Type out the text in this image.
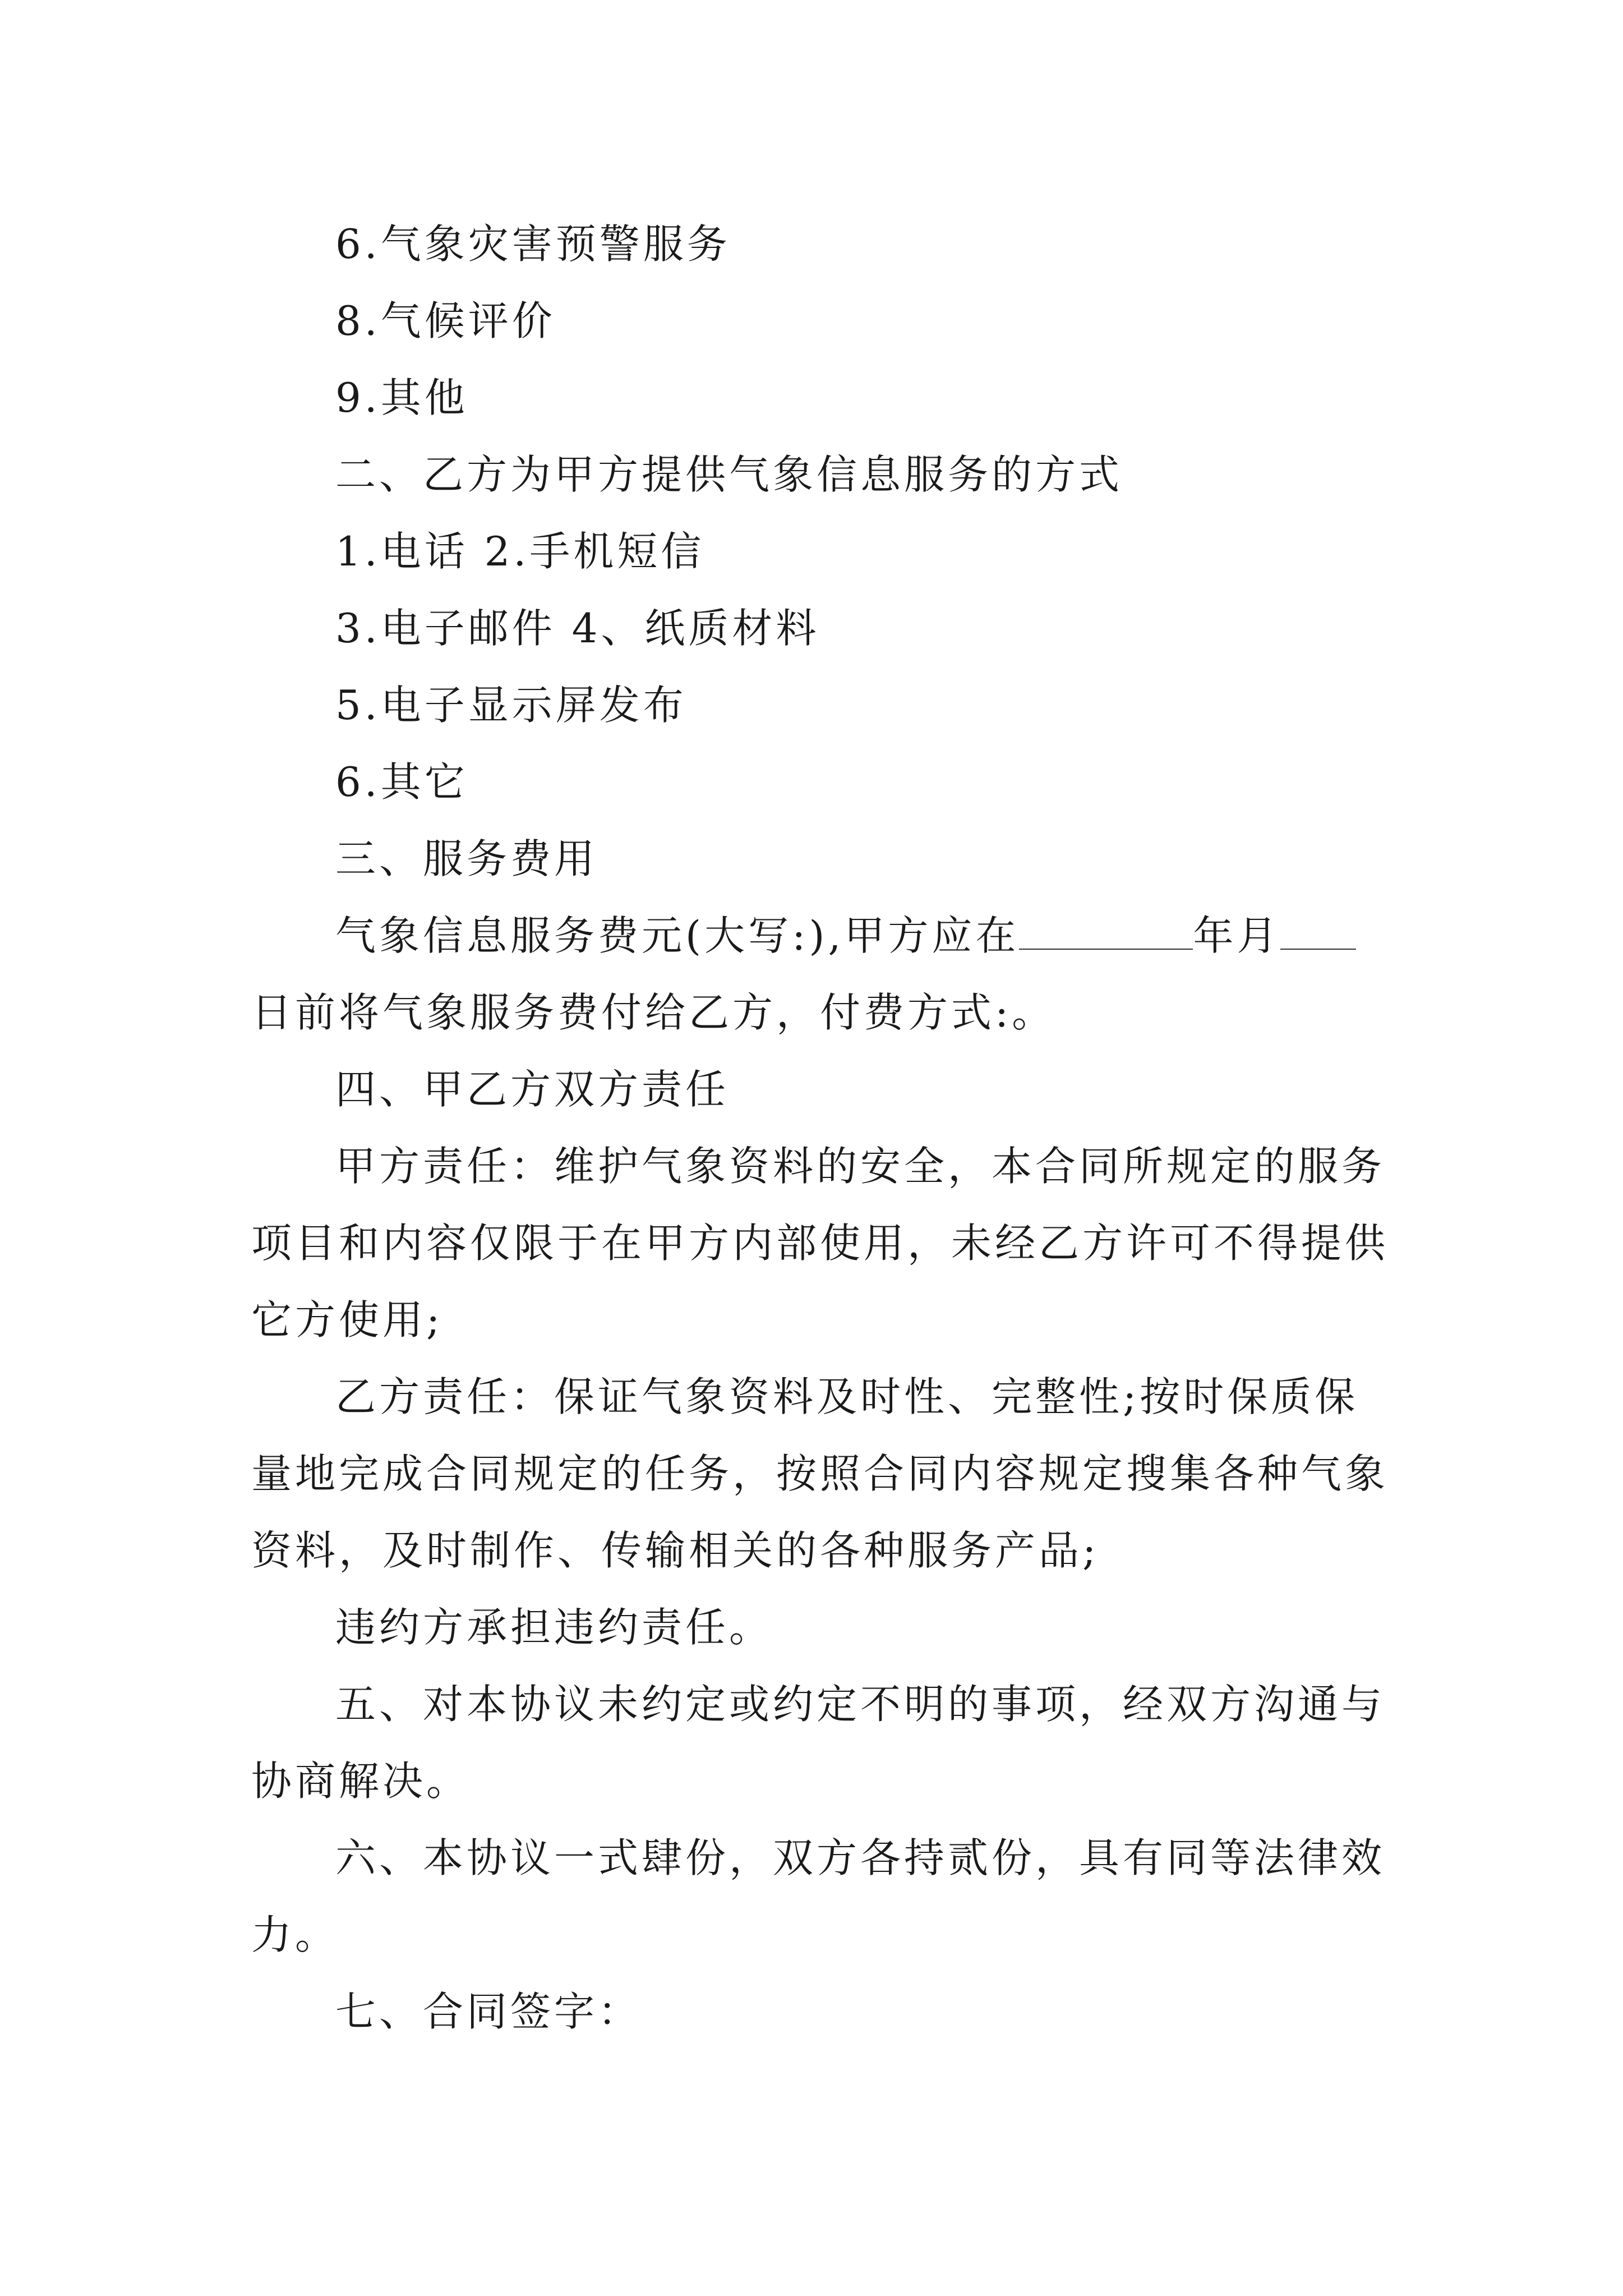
6.气象灾害预警服务
8.气候评价
9.其他
二、乙方为甲方提供气象信息服务的方式
1.电话 2.手机短信
3.电子邮件 4、纸质材料
5.电子显示屏发布
6.其它
三、服务费用
气象信息服务费元(大写:),甲方应在	年月
日前将气象服务费付给乙方，付费方式:。
四、甲乙方双方责任
甲方责任：维护气象资料的安全，本合同所规定的服务
项目和内容仅限于在甲方内部使用，未经乙方许可不得提供
它方使用;
乙方责任：保证气象资料及时性、完整性;按时保质保
量地完成合同规定的任务，按照合同内容规定搜集各种气象
资料，及时制作、传输相关的各种服务产品;
违约方承担违约责任。
五、对本协议未约定或约定不明的事项，经双方沟通与
协商解决。
六、本协议一式肆份，双方各持贰份，具有同等法律效
力。
七、合同签字：
